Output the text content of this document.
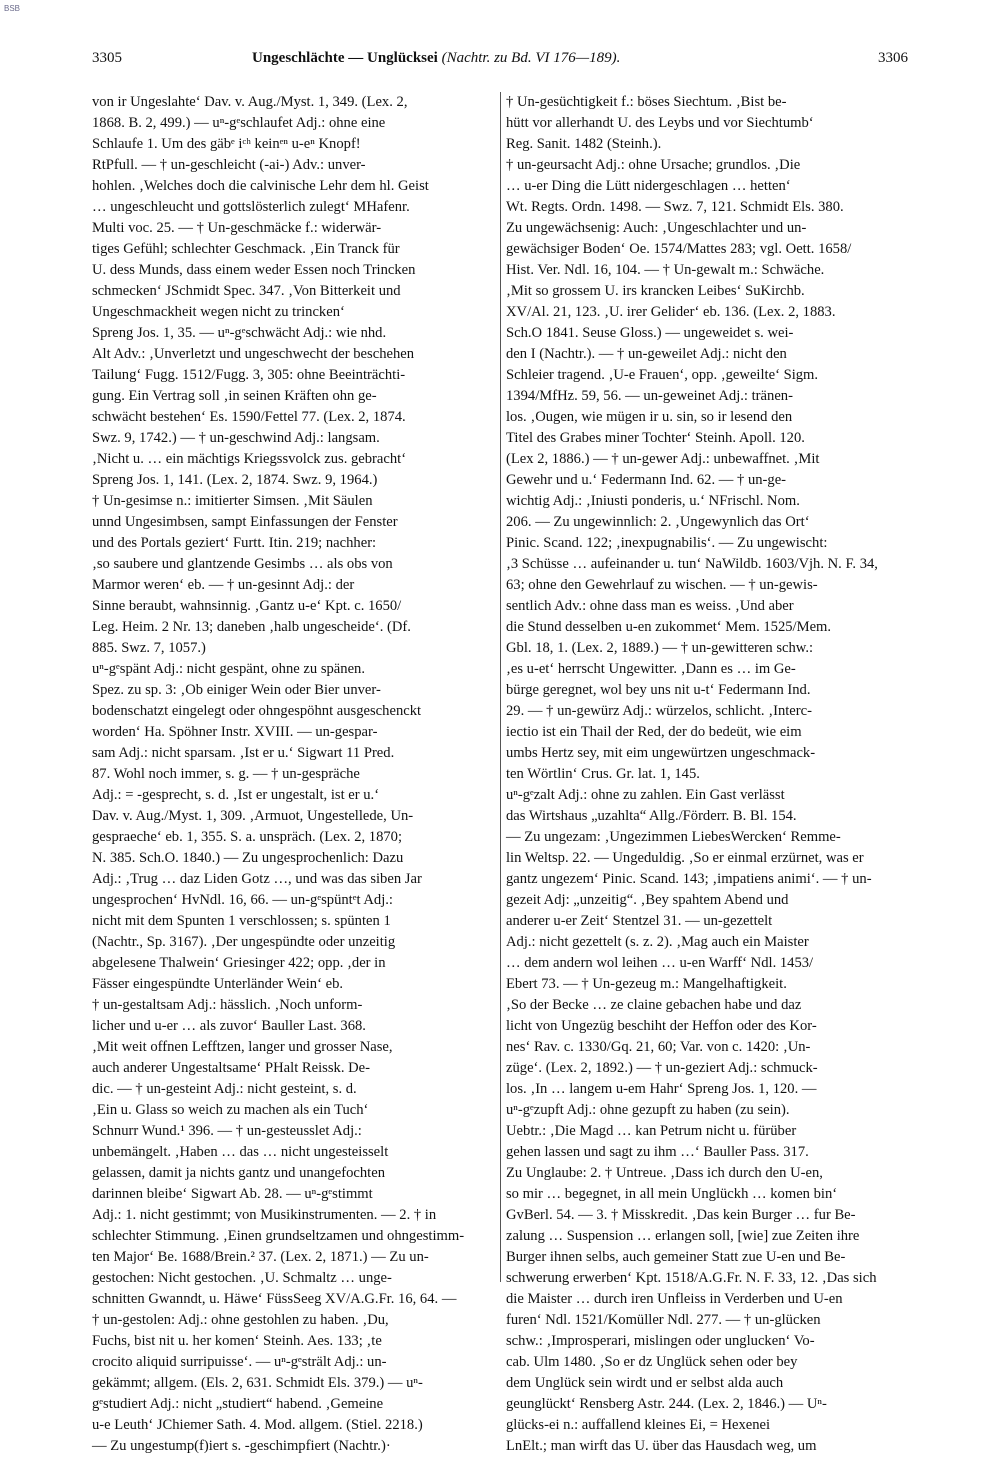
BSB
3305	Ungeschlächte — Unglücksei (Nachtr. zu Bd. VI 176—189).	3306
von ir Ungeslahte‘ Dav. v. Aug./Myst. 1, 349. (Lex. 2,
1868. B. 2, 499.) — uⁿ-gᵉschlaufet Adj.: ohne eine
Schlaufe 1. Um des gäbᵉ iᶜʰ keinᵉⁿ u-eⁿ Knopf!
RtPfull. — † un-geschleicht (-ai-) Adv.: unver-
hohlen. ‚Welches doch die calvinische Lehr dem hl. Geist
… ungeschleucht und gottslösterlich zulegt‘ MHafenr.
Multi voc. 25. — † Un-geschmäcke f.: widerwär-
tiges Gefühl; schlechter Geschmack. ‚Ein Tranck für
U. dess Munds, dass einem weder Essen noch Trincken
schmecken‘ JSchmidt Spec. 347. ‚Von Bitterkeit und
Ungeschmackheit wegen nicht zu trincken‘
Spreng Jos. 1, 35. — uⁿ-gᵉschwächt Adj.: wie nhd.
Alt Adv.: ‚Unverletzt und ungeschwecht der beschehen
Tailung‘ Fugg. 1512/Fugg. 3, 305: ohne Beeinträchti-
gung. Ein Vertrag soll ‚in seinen Kräften ohn ge-
schwächt bestehen‘ Es. 1590/Fettel 77. (Lex. 2, 1874.
Swz. 9, 1742.) — † un-geschwind Adj.: langsam.
‚Nicht u. … ein mächtigs Kriegssvolck zus. gebracht‘
Spreng Jos. 1, 141. (Lex. 2, 1874. Swz. 9, 1964.)
† Un-gesimse n.: imitierter Simsen. ‚Mit Säulen
unnd Ungesimbsen, sampt Einfassungen der Fenster
und des Portals geziert‘ Furtt. Itin. 219; nachher:
‚so saubere und glantzende Gesimbs … als obs von
Marmor weren‘ eb. — † un-gesinnt Adj.: der
Sinne beraubt, wahnsinnig. ‚Gantz u-e‘ Kpt. c. 1650/
Leg. Heim. 2 Nr. 13; daneben ‚halb ungescheide‘. (Df.
885. Swz. 7, 1057.)
uⁿ-gᵉspänt Adj.: nicht gespänt, ohne zu spänen.
Spez. zu sp. 3: ‚Ob einiger Wein oder Bier unver-
bodenschatzt eingelegt oder ohngespöhnt ausgeschenckt
worden‘ Ha. Spöhner Instr. XVIII. — un-gespar-
sam Adj.: nicht sparsam. ‚Ist er u.‘ Sigwart 11 Pred.
87. Wohl noch immer, s. g. — † un-gespräche
Adj.: = -gesprecht, s. d. ‚Ist er ungestalt, ist er u.‘
Dav. v. Aug./Myst. 1, 309. ‚Armuot, Ungestellede, Un-
gespraeche‘ eb. 1, 355. S. a. unspräch. (Lex. 2, 1870;
N. 385. Sch.O. 1840.) — Zu ungesprochenlich: Dazu
Adj.: ‚Trug … daz Liden Gotz …, und was das siben Jar
ungesprochen‘ HvNdl. 16, 66. — un-gᵉspüntᵉt Adj.:
nicht mit dem Spunten 1 verschlossen; s. spünten 1
(Nachtr., Sp. 3167). ‚Der ungespündte oder unzeitig
abgelesene Thalwein‘ Griesinger 422; opp. ‚der in
Fässer eingespündte Unterländer Wein‘ eb.
† un-gestaltsam Adj.: hässlich. ‚Noch unform-
licher und u-er … als zuvor‘ Bauller Last. 368.
‚Mit weit offnen Lefftzen, langer und grosser Nase,
auch anderer Ungestaltsame‘ PHalt Reissk. De-
dic. — † un-gesteint Adj.: nicht gesteint, s. d.
‚Ein u. Glass so weich zu machen als ein Tuch‘
Schnurr Wund.¹ 396. — † un-gesteusslet Adj.:
unbemängelt. ‚Haben … das … nicht ungesteisselt
gelassen, damit ja nichts gantz und unangefochten
darinnen bleibe‘ Sigwart Ab. 28. — uⁿ-gᵉstimmt
Adj.: 1. nicht gestimmt; von Musikinstrumenten. — 2. † in
schlechter Stimmung. ‚Einen grundseltzamen und ohngestimm-
ten Major‘ Be. 1688/Brein.² 37. (Lex. 2, 1871.) — Zu un-
gestochen: Nicht gestochen. ‚U. Schmaltz … unge-
schnitten Gwanndt, u. Häwe‘ FüssSeeg XV/A.G.Fr. 16, 64. —
† un-gestolen: Adj.: ohne gestohlen zu haben. ‚Du,
Fuchs, bist nit u. her komen‘ Steinh. Aes. 133; ‚te
crocito aliquid surripuisse‘. — uⁿ-gᵉstrält Adj.: un-
gekämmt; allgem. (Els. 2, 631. Schmidt Els. 379.) — uⁿ-
gᵉstudiert Adj.: nicht „studiert“ habend. ‚Gemeine
u-e Leuth‘ JChiemer Sath. 4. Mod. allgem. (Stiel. 2218.)
— Zu ungestump(f)iert s. -geschimpfiert (Nachtr.)·
† Un-gesüchtigkeit f.: böses Siechtum. ‚Bist be-
hütt vor allerhandt U. des Leybs und vor Siechtumb‘
Reg. Sanit. 1482 (Steinh.).
† un-geursacht Adj.: ohne Ursache; grundlos. ‚Die
… u-er Ding die Lütt nidergeschlagen … hetten‘
Wt. Regts. Ordn. 1498. — Swz. 7, 121. Schmidt Els. 380.
Zu ungewächsenig: Auch: ‚Ungeschlachter und un-
gewächsiger Boden‘ Oe. 1574/Mattes 283; vgl. Oett. 1658/
Hist. Ver. Ndl. 16, 104. — † Un-gewalt m.: Schwäche.
‚Mit so grossem U. irs krancken Leibes‘ SuKirchb.
XV/Al. 21, 123. ‚U. irer Gelider‘ eb. 136. (Lex. 2, 1883.
Sch.O 1841. Seuse Gloss.) — ungeweidet s. wei-
den I (Nachtr.). — † un-geweilet Adj.: nicht den
Schleier tragend. ‚U-e Frauen‘, opp. ‚geweilte‘ Sigm.
1394/MfHz. 59, 56. — un-geweinet Adj.: tränen-
los. ‚Ougen, wie mügen ir u. sin, so ir lesend den
Titel des Grabes miner Tochter‘ Steinh. Apoll. 120.
(Lex 2, 1886.) — † un-gewer Adj.: unbewaffnet. ‚Mit
Gewehr und u.‘ Federmann Ind. 62. — † un-ge-
wichtig Adj.: ‚Iniusti ponderis, u.‘ NFrischl. Nom.
206. — Zu ungewinnlich: 2. ‚Ungewynlich das Ort‘
Pinic. Scand. 122; ‚inexpugnabilis‘. — Zu ungewischt:
‚3 Schüsse … aufeinander u. tun‘ NaWildb. 1603/Vjh. N. F. 34,
63; ohne den Gewehrlauf zu wischen. — † un-gewis-
sentlich Adv.: ohne dass man es weiss. ‚Und aber
die Stund desselben u-en zukommet‘ Mem. 1525/Mem.
Gbl. 18, 1. (Lex. 2, 1889.) — † un-gewitteren schw.:
‚es u-et‘ herrscht Ungewitter. ‚Dann es … im Ge-
bürge geregnet, wol bey uns nit u-t‘ Federmann Ind.
29. — † un-gewürz Adj.: würzelos, schlicht. ‚Interc-
iectio ist ein Thail der Red, der do bedeüt, wie eim
umbs Hertz sey, mit eim ungewürtzen ungeschmack-
ten Wörtlin‘ Crus. Gr. lat. 1, 145.
uⁿ-gᵉzalt Adj.: ohne zu zahlen. Ein Gast verlässt
das Wirtshaus „uzahlta“ Allg./Förderr. B. Bl. 154.
— Zu ungezam: ‚Ungezimmen LiebesWercken‘ Remme-
lin Weltsp. 22. — Ungeduldig. ‚So er einmal erzürnet, was er
gantz ungezem‘ Pinic. Scand. 143; ‚impatiens animi‘. — † un-
gezeit Adj: „unzeitig“. ‚Bey spahtem Abend und
anderer u-er Zeit‘ Stentzel 31. — un-gezettelt
Adj.: nicht gezettelt (s. z. 2). ‚Mag auch ein Maister
… dem andern wol leihen … u-en Warff‘ Ndl. 1453/
Ebert 73. — † Un-gezeug m.: Mangelhaftigkeit.
‚So der Becke … ze claine gebachen habe und daz
licht von Ungezüg beschiht der Heffon oder des Kor-
nes‘ Rav. c. 1330/Gq. 21, 60; Var. von c. 1420: ‚Un-
züge‘. (Lex. 2, 1892.) — † un-geziert Adj.: schmuck-
los. ‚In … langem u-em Hahr‘ Spreng Jos. 1, 120. —
uⁿ-gᵉzupft Adj.: ohne gezupft zu haben (zu sein).
Uebtr.: ‚Die Magd … kan Petrum nicht u. fürüber
gehen lassen und sagt zu ihm …‘ Bauller Pass. 317.
Zu Unglaube: 2. † Untreue. ‚Dass ich durch den U-en,
so mir … begegnet, in all mein Unglückh … komen bin‘
GvBerl. 54. — 3. † Misskredit. ‚Das kein Burger … fur Be-
zalung … Suspension … erlangen soll, [wie] zue Zeiten ihre
Burger ihnen selbs, auch gemeiner Statt zue U-en und Be-
schwerung erwerben‘ Kpt. 1518/A.G.Fr. N. F. 33, 12. ‚Das sich
die Maister … durch iren Unfleiss in Verderben und U-en
furen‘ Ndl. 1521/Komüller Ndl. 277. — † un-glücken
schw.: ‚Improsperari, mislingen oder unglucken‘ Vo-
cab. Ulm 1480. ‚So er dz Unglück sehen oder bey
dem Unglück sein wirdt und er selbst alda auch
geunglückt‘ Rensberg Astr. 244. (Lex. 2, 1846.) — Uⁿ-
glücks-ei n.: auffallend kleines Ei, = Hexenei
LnElt.; man wirft das U. über das Hausdach weg, um
